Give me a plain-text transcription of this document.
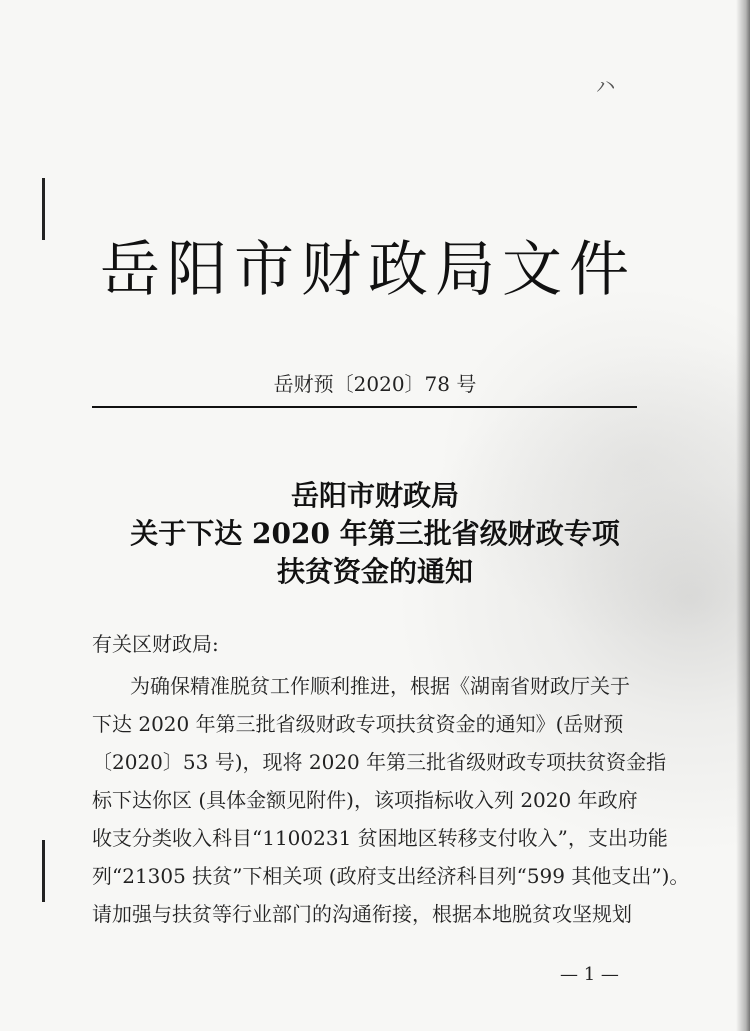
ハ
岳阳市财政局文件
岳财预〔2020〕78 号
岳阳市财政局
关于下达 2020 年第三批省级财政专项
扶贫资金的通知
有关区财政局:
为确保精准脱贫工作顺利推进，根据《湖南省财政厅关于
下达 2020 年第三批省级财政专项扶贫资金的通知》(岳财预
〔2020〕53 号)，现将 2020 年第三批省级财政专项扶贫资金指
标下达你区 (具体金额见附件)，该项指标收入列 2020 年政府
收支分类收入科目“1100231 贫困地区转移支付收入”，支出功能
列“21305 扶贫”下相关项 (政府支出经济科目列“599 其他支出”)。
请加强与扶贫等行业部门的沟通衔接，根据本地脱贫攻坚规划
— 1 —
